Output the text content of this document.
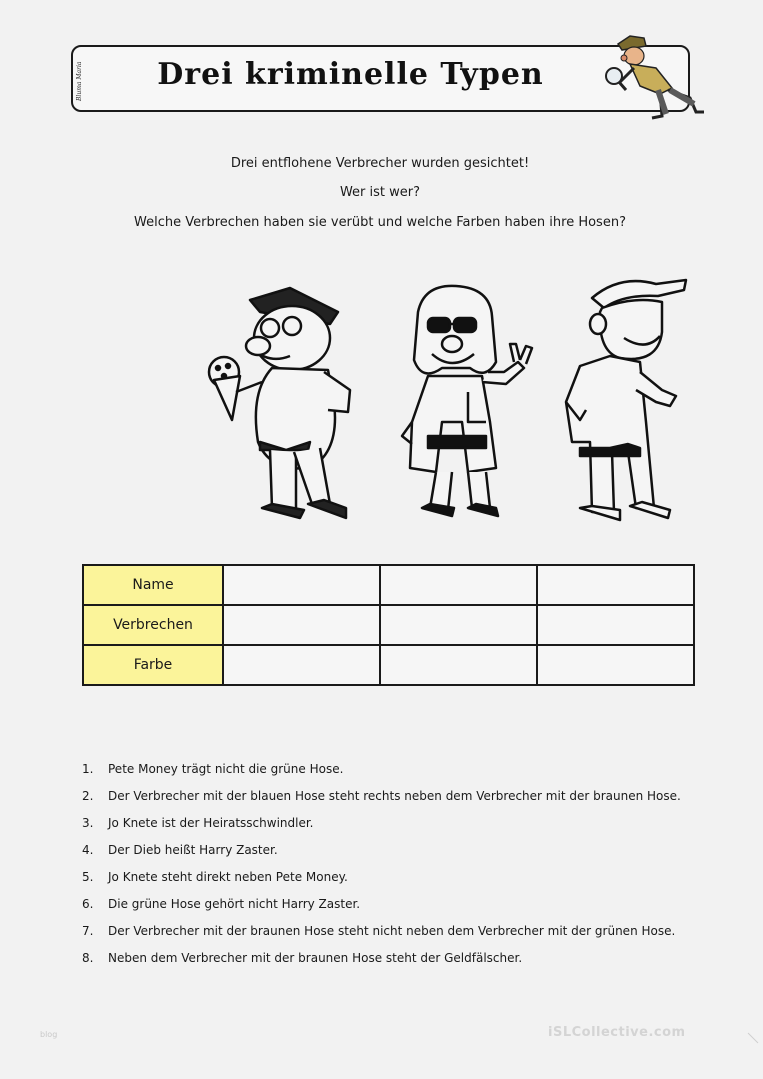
Bluma Maria	Drei kriminelle Typen
Drei entflohene Verbrecher wurden gesichtet!
Wer ist wer?
Welche Verbrechen haben sie verübt und welche Farben haben ihre Hosen?
Name			
Verbrechen			
Farbe			
1.	Pete Money trägt nicht die grüne Hose.
2.	Der Verbrecher mit der blauen Hose steht rechts neben dem Verbrecher mit der braunen Hose.
3.	Jo Knete ist der Heiratsschwindler.
4.	Der Dieb heißt Harry Zaster.
5.	Jo Knete steht direkt neben Pete Money.
6.	Die grüne Hose gehört nicht Harry Zaster.
7.	Der Verbrecher mit der braunen Hose steht nicht neben dem Verbrecher mit der grünen Hose.
8.	Neben dem Verbrecher mit der braunen Hose steht der Geldfälscher.
blog	iSLCollective.com
